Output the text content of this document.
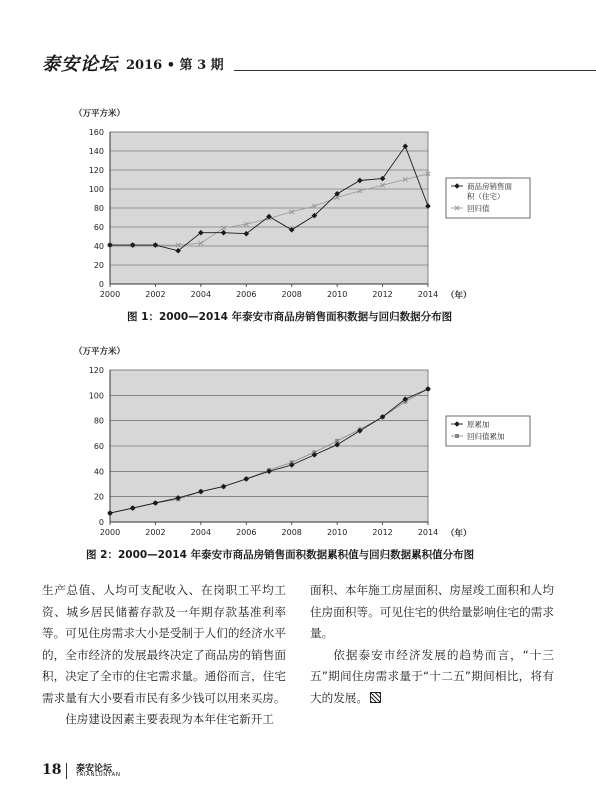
泰安论坛 2016 • 第 3 期
0
20
40
60
80
100
120
140
160
2000	2002	2004	2006	2008	2010	2012	2014
（万平方米）
（年）
商品房销售面
积（住宅）
回归值
图 1：2000—2014 年泰安市商品房销售面积数据与回归数据分布图
0
20
40
60
80
100
120
2000	2002	2004	2006	2008	2010	2012	2014
（万平方米）
（年）
原累加
回归值累加
图 2：2000—2014 年泰安市商品房销售面积数据累积值与回归数据累积值分布图

生产总值、人均可支配收入、在岗职工平均工资、城乡居民储蓄存款及一年期存款基准利率等。可见住房需求大小是受制于人们的经济水平的，全市经济的发展最终决定了商品房的销售面积，决定了全市的住宅需求量。通俗而言，住宅需求量有大小要看市民有多少钱可以用来买房。

住房建设因素主要表现为本年住宅新开工

面积、本年施工房屋面积、房屋竣工面积和人均住房面积等。可见住宅的供给量影响住宅的需求量。

依据泰安市经济发展的趋势而言，“十三五”期间住房需求量于“十二五”期间相比，将有大的发展。

18 泰安论坛
TAIANLUNTAN
